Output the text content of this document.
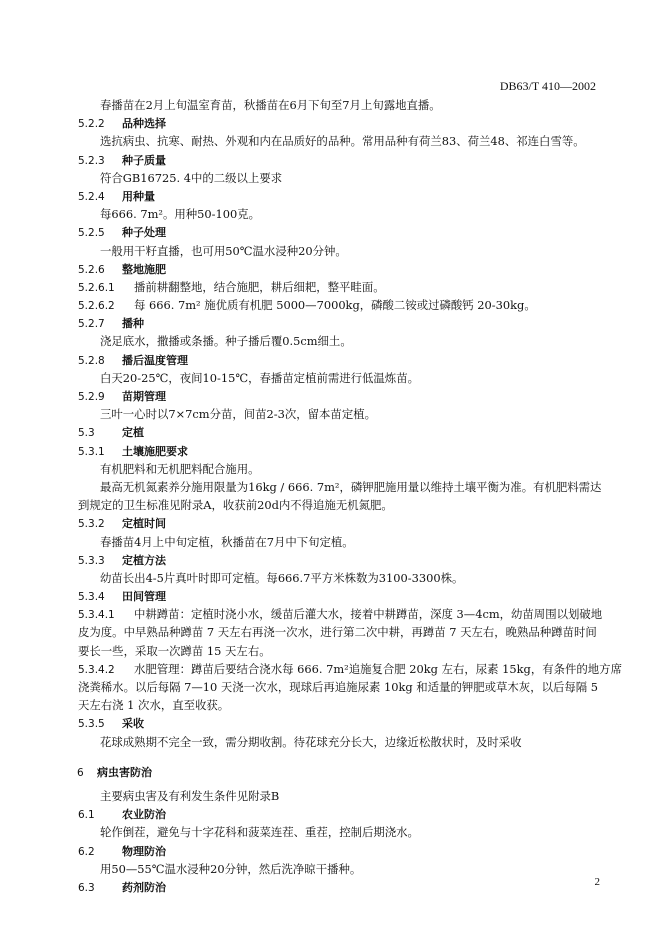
DB63/T 410—2002
春播苗在2月上旬温室育苗，秋播苗在6月下旬至7月上旬露地直播。
5.2.2 品种选择
选抗病虫、抗寒、耐热、外观和内在品质好的品种。常用品种有荷兰83、荷兰48、祁连白雪等。
5.2.3 种子质量
符合GB16725. 4中的二级以上要求
5.2.4 用种量
每666. 7m²。用种50-100克。
5.2.5 种子处理
一般用干籽直播，也可用50℃温水浸种20分钟。
5.2.6 整地施肥
5.2.6.1 播前耕翻整地，结合施肥，耕后细耙，整平畦面。
5.2.6.2 每 666. 7m² 施优质有机肥 5000—7000kg，磷酸二铵或过磷酸钙 20-30kg。
5.2.7 播种
浇足底水，撒播或条播。种子播后覆0.5cm细土。
5.2.8 播后温度管理
白天20-25℃，夜间10-15℃，春播苗定植前需进行低温炼苗。
5.2.9 苗期管理
三叶一心时以7×7cm分苗，间苗2-3次，留本苗定植。
5.3 定植
5.3.1 土壤施肥要求
有机肥料和无机肥料配合施用。
最高无机氮素养分施用限量为16kg / 666. 7m²，磷钾肥施用量以维持土壤平衡为准。有机肥料需达
到规定的卫生标准见附录A，收获前20d内不得追施无机氮肥。
5.3.2 定植时间
春播苗4月上中旬定植，秋播苗在7月中下旬定植。
5.3.3 定植方法
幼苗长出4-5片真叶时即可定植。每666.7平方米株数为3100-3300株。
5.3.4 田间管理
5.3.4.1 中耕蹲苗：定植时浇小水，缓苗后灌大水，接着中耕蹲苗，深度 3—4cm，幼苗周围以划破地
皮为度。中早熟品种蹲苗 7 天左右再浇一次水，进行第二次中耕，再蹲苗 7 天左右，晚熟品种蹲苗时间
要长一些，采取一次蹲苗 15 天左右。
5.3.4.2 水肥管理：蹲苗后要结合浇水每 666. 7m²追施复合肥 20kg 左右，尿素 15kg，有条件的地方席
浇粪稀水。以后每隔 7—10 天浇一次水，现球后再追施尿素 10kg 和适量的钾肥或草木灰，以后每隔 5
天左右浇 1 次水，直至收获。
5.3.5 采收
花球成熟期不完全一致，需分期收割。待花球充分长大，边缘近松散状时，及时采收
6 病虫害防治
主要病虫害及有利发生条件见附录B
6.1 农业防治
轮作倒茬，避免与十字花科和菠菜连茬、重茬，控制后期浇水。
6.2 物理防治
用50—55℃温水浸种20分钟，然后洗净晾干播种。
6.3 药剂防治	2
